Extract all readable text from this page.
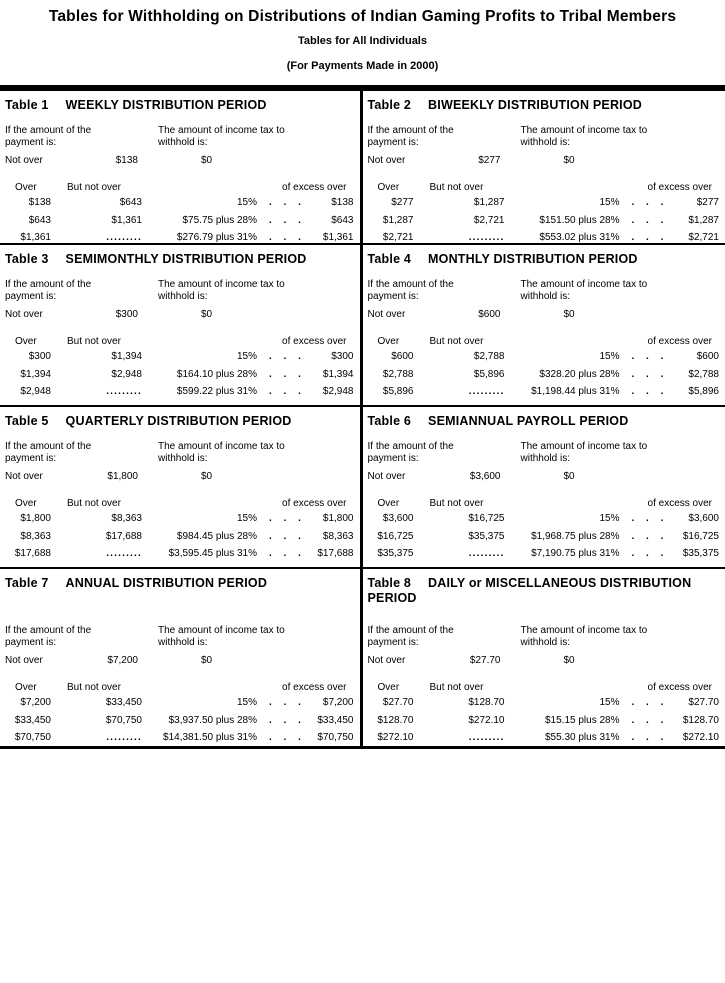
Tables for Withholding on Distributions of Indian Gaming Profits to Tribal Members
Tables for All Individuals
(For Payments Made in 2000)
Table 1 WEEKLY DISTRIBUTION PERIOD
If the amount of the payment is:
The amount of income tax to withhold is:
Not over	$138	$0
Over	But not over	of excess over
$138	$643	15%	. . .	$138
$643	$1,361	$75.75 plus 28%	. . .	$643
$1,361	.........	$276.79 plus 31%	. . .	$1,361
Table 2 BIWEEKLY DISTRIBUTION PERIOD
If the amount of the payment is:
The amount of income tax to withhold is:
Not over	$277	$0
Over	But not over	of excess over
$277	$1,287	15%	. . .	$277
$1,287	$2,721	$151.50 plus 28%	. . .	$1,287
$2,721	.........	$553.02 plus 31%	. . .	$2,721
Table 3 SEMIMONTHLY DISTRIBUTION PERIOD
If the amount of the payment is:
The amount of income tax to withhold is:
Not over	$300	$0
Over	But not over	of excess over
$300	$1,394	15%	. . .	$300
$1,394	$2,948	$164.10 plus 28%	. . .	$1,394
$2,948	.........	$599.22 plus 31%	. . .	$2,948
Table 4 MONTHLY DISTRIBUTION PERIOD
If the amount of the payment is:
The amount of income tax to withhold is:
Not over	$600	$0
Over	But not over	of excess over
$600	$2,788	15%	. . .	$600
$2,788	$5,896	$328.20 plus 28%	. . .	$2,788
$5,896	.........	$1,198.44 plus 31%	. . .	$5,896
Table 5 QUARTERLY DISTRIBUTION PERIOD
If the amount of the payment is:
The amount of income tax to withhold is:
Not over	$1,800	$0
Over	But not over	of excess over
$1,800	$8,363	15%	. . .	$1,800
$8,363	$17,688	$984.45 plus 28%	. . .	$8,363
$17,688	.........	$3,595.45 plus 31%	. . .	$17,688
Table 6 SEMIANNUAL PAYROLL PERIOD
If the amount of the payment is:
The amount of income tax to withhold is:
Not over	$3,600	$0
Over	But not over	of excess over
$3,600	$16,725	15%	. . .	$3,600
$16,725	$35,375	$1,968.75 plus 28%	. . .	$16,725
$35,375	.........	$7,190.75 plus 31%	. . .	$35,375
Table 7 ANNUAL DISTRIBUTION PERIOD
If the amount of the payment is:
The amount of income tax to withhold is:
Not over	$7,200	$0
Over	But not over	of excess over
$7,200	$33,450	15%	. . .	$7,200
$33,450	$70,750	$3,937.50 plus 28%	. . .	$33,450
$70,750	.........	$14,381.50 plus 31%	. . .	$70,750
Table 8 DAILY or MISCELLANEOUS DISTRIBUTION PERIOD
If the amount of the payment is:
The amount of income tax to withhold is:
Not over	$27.70	$0
Over	But not over	of excess over
$27.70	$128.70	15%	. . .	$27.70
$128.70	$272.10	$15.15 plus 28%	. . .	$128.70
$272.10	.........	$55.30 plus 31%	. . .	$272.10
